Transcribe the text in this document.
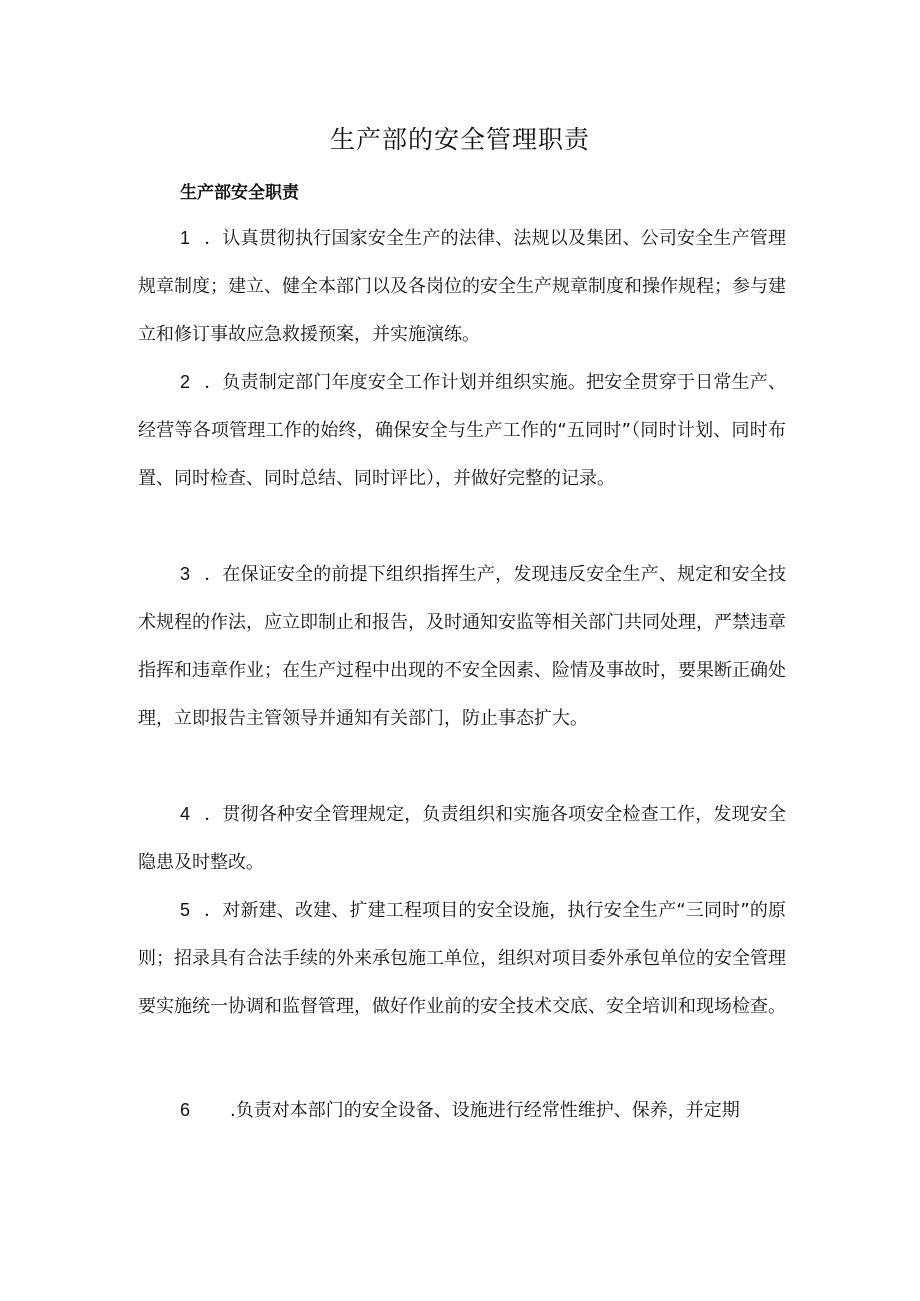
生产部的安全管理职责
生产部安全职责

1 ．认真贯彻执行国家安全生产的法律、法规以及集团、公司安全生产管理规章制度；建立、健全本部门以及各岗位的安全生产规章制度和操作规程；参与建立和修订事故应急救援预案，并实施演练。

2 ．负责制定部门年度安全工作计划并组织实施。把安全贯穿于日常生产、经营等各项管理工作的始终，确保安全与生产工作的“五同时”（同时计划、同时布置、同时检查、同时总结、同时评比），并做好完整的记录。

3 ．在保证安全的前提下组织指挥生产，发现违反安全生产、规定和安全技术规程的作法，应立即制止和报告，及时通知安监等相关部门共同处理，严禁违章指挥和违章作业；在生产过程中出现的不安全因素、险情及事故时，要果断正确处理，立即报告主管领导并通知有关部门，防止事态扩大。

4 ．贯彻各种安全管理规定，负责组织和实施各项安全检查工作，发现安全隐患及时整改。

5 ．对新建、改建、扩建工程项目的安全设施，执行安全生产“三同时”的原则；招录具有合法手续的外来承包施工单位，组织对项目委外承包单位的安全管理要实施统一协调和监督管理，做好作业前的安全技术交底、安全培训和现场检查。

6 .负责对本部门的安全设备、设施进行经常性维护、保养，并定期
